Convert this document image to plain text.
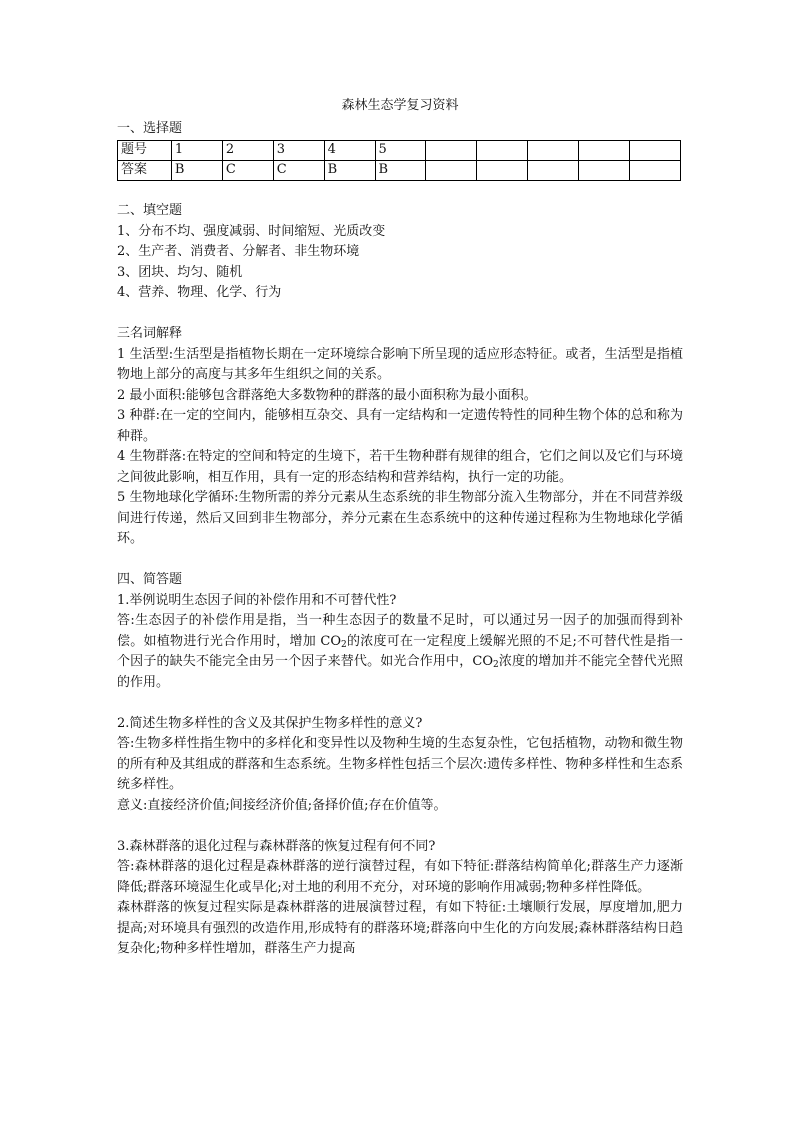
森林生态学复习资料
一、选择题
题号	1	2	3	4	5					
答案	B	C	C	B	B					
二、填空题
1、分布不均、强度减弱、时间缩短、光质改变
2、生产者、消费者、分解者、非生物环境
3、团块、均匀、随机
4、营养、物理、化学、行为
三名词解释
1 生活型:生活型是指植物长期在一定环境综合影响下所呈现的适应形态特征。或者，生活型是指植物地上部分的高度与其多年生组织之间的关系。
2 最小面积:能够包含群落绝大多数物种的群落的最小面积称为最小面积。
3 种群:在一定的空间内，能够相互杂交、具有一定结构和一定遗传特性的同种生物个体的总和称为种群。
4 生物群落:在特定的空间和特定的生境下，若干生物种群有规律的组合，它们之间以及它们与环境之间彼此影响，相互作用，具有一定的形态结构和营养结构，执行一定的功能。
5 生物地球化学循环:生物所需的养分元素从生态系统的非生物部分流入生物部分，并在不同营养级间进行传递，然后又回到非生物部分，养分元素在生态系统中的这种传递过程称为生物地球化学循环。
四、简答题
1.举例说明生态因子间的补偿作用和不可替代性?
答:生态因子的补偿作用是指，当一种生态因子的数量不足时，可以通过另一因子的加强而得到补偿。如植物进行光合作用时，增加 $CO_2$的浓度可在一定程度上缓解光照的不足;不可替代性是指一个因子的缺失不能完全由另一个因子来替代。如光合作用中，$CO_2$浓度的增加并不能完全替代光照的作用。
2.简述生物多样性的含义及其保护生物多样性的意义?
答:生物多样性指生物中的多样化和变异性以及物种生境的生态复杂性，它包括植物，动物和微生物的所有种及其组成的群落和生态系统。生物多样性包括三个层次:遗传多样性、物种多样性和生态系统多样性。
意义:直接经济价值;间接经济价值;备择价值;存在价值等。
3.森林群落的退化过程与森林群落的恢复过程有何不同?
答:森林群落的退化过程是森林群落的逆行演替过程，有如下特征:群落结构简单化;群落生产力逐渐降低;群落环境湿生化或旱化;对土地的利用不充分，对环境的影响作用减弱;物种多样性降低。
森林群落的恢复过程实际是森林群落的进展演替过程，有如下特征:土壤顺行发展，厚度增加,肥力提高;对环境具有强烈的改造作用,形成特有的群落环境;群落向中生化的方向发展;森林群落结构日趋复杂化;物种多样性增加，群落生产力提高
